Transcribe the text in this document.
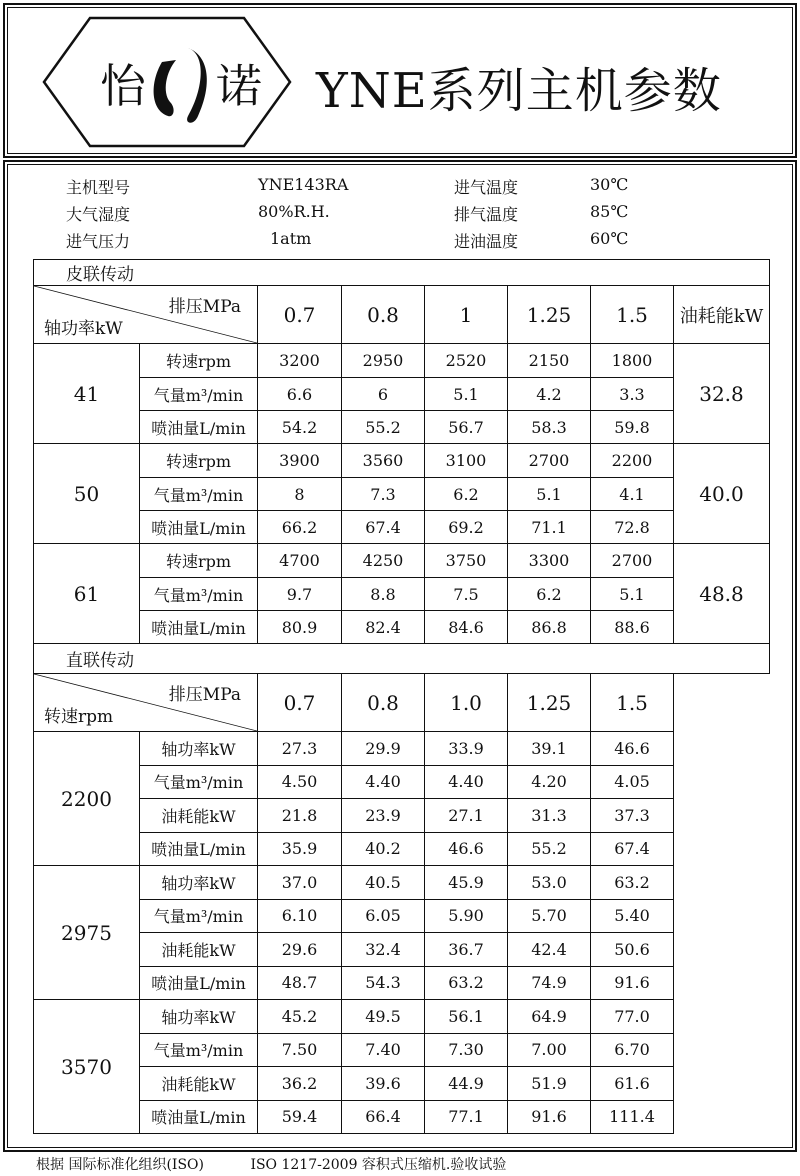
怡 诺 YNE系列主机参数
主机型号	YNE143RA	进气温度	30℃
大气湿度	80%R.H.	排气温度	85℃
进气压力	1atm	进油温度	60℃
皮联传动							

排压MPa
轴功率kW		0.7	0.8	1	1.25	1.5	油耗能kW
41	转速rpm	3200	2950	2520	2150	1800	32.8
	气量m³/min	6.6	6	5.1	4.2	3.3	
	喷油量L/min	54.2	55.2	56.7	58.3	59.8	
50	转速rpm	3900	3560	3100	2700	2200	40.0
	气量m³/min	8	7.3	6.2	5.1	4.1	
	喷油量L/min	66.2	67.4	69.2	71.1	72.8	
61	转速rpm	4700	4250	3750	3300	2700	48.8
	气量m³/min	9.7	8.8	7.5	6.2	5.1	
	喷油量L/min	80.9	82.4	84.6	86.8	88.6	
直联传动							

排压MPa
转速rpm		0.7	0.8	1.0	1.25	1.5	
2200	轴功率kW	27.3	29.9	33.9	39.1	46.6	
	气量m³/min	4.50	4.40	4.40	4.20	4.05	
	油耗能kW	21.8	23.9	27.1	31.3	37.3	
	喷油量L/min	35.9	40.2	46.6	55.2	67.4	
2975	轴功率kW	37.0	40.5	45.9	53.0	63.2	
	气量m³/min	6.10	6.05	5.90	5.70	5.40	
	油耗能kW	29.6	32.4	36.7	42.4	50.6	
	喷油量L/min	48.7	54.3	63.2	74.9	91.6	
3570	轴功率kW	45.2	49.5	56.1	64.9	77.0	
	气量m³/min	7.50	7.40	7.30	7.00	6.70	
	油耗能kW	36.2	39.6	44.9	51.9	61.6	
	喷油量L/min	59.4	66.4	77.1	91.6	111.4	
根据 国际标准化组织(ISO)	ISO 1217-2009 容积式压缩机.验收试验
